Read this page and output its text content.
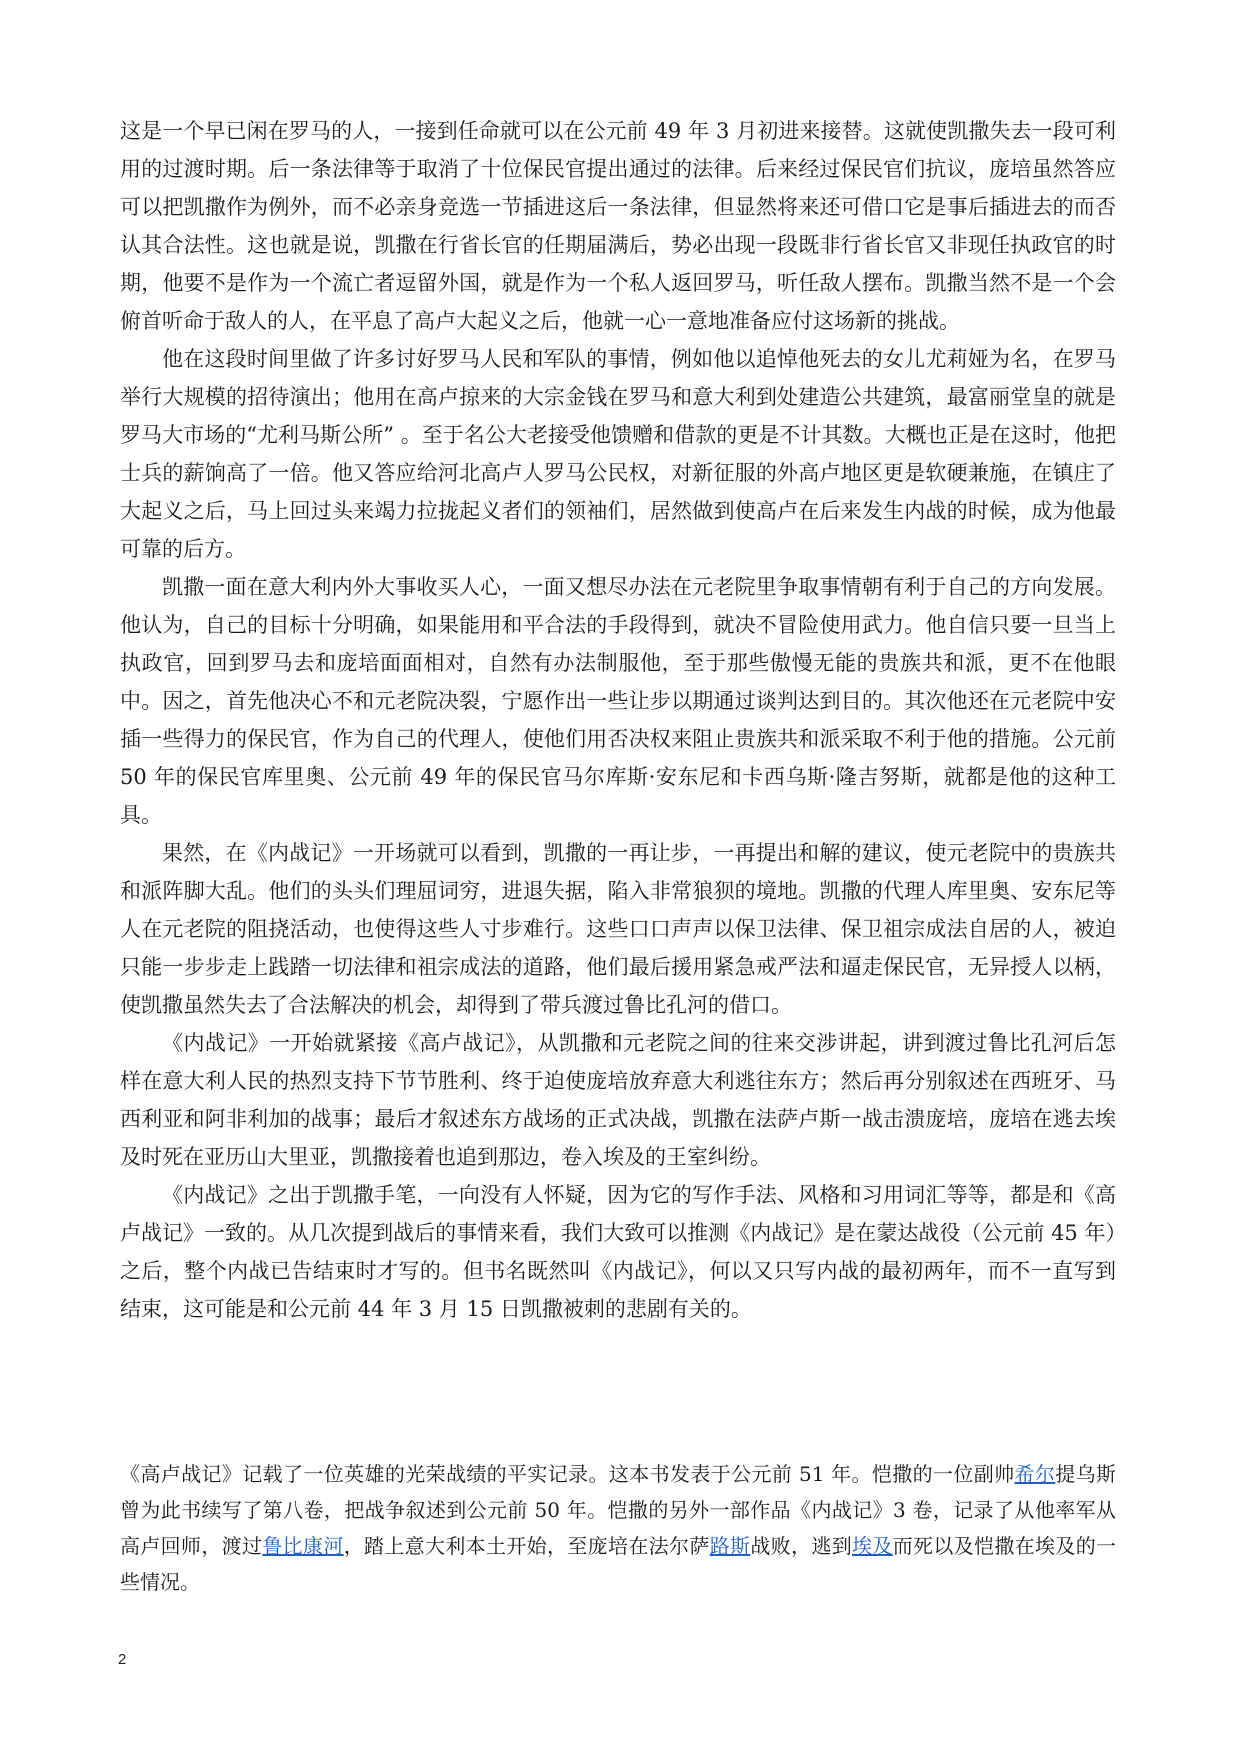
这是一个早已闲在罗马的人，一接到任命就可以在公元前 49 年 3 月初进来接替。这就使凯撒失去一段可利用的过渡时期。后一条法律等于取消了十位保民官提出通过的法律。后来经过保民官们抗议，庞培虽然答应可以把凯撒作为例外，而不必亲身竞选一节插进这后一条法律，但显然将来还可借口它是事后插进去的而否认其合法性。这也就是说，凯撒在行省长官的任期届满后，势必出现一段既非行省长官又非现任执政官的时期，他要不是作为一个流亡者逗留外国，就是作为一个私人返回罗马，听任敌人摆布。凯撒当然不是一个会俯首听命于敌人的人，在平息了高卢大起义之后，他就一心一意地准备应付这场新的挑战。

他在这段时间里做了许多讨好罗马人民和军队的事情，例如他以追悼他死去的女儿尤莉娅为名，在罗马举行大规模的招待演出；他用在高卢掠来的大宗金钱在罗马和意大利到处建造公共建筑，最富丽堂皇的就是罗马大市场的“尤利马斯公所” 。至于名公大老接受他馈赠和借款的更是不计其数。大概也正是在这时，他把士兵的薪饷高了一倍。他又答应给河北高卢人罗马公民权，对新征服的外高卢地区更是软硬兼施，在镇庄了大起义之后，马上回过头来竭力拉拢起义者们的领袖们，居然做到使高卢在后来发生内战的时候，成为他最可靠的后方。

凯撒一面在意大利内外大事收买人心，一面又想尽办法在元老院里争取事情朝有利于自己的方向发展。他认为，自己的目标十分明确，如果能用和平合法的手段得到，就决不冒险使用武力。他自信只要一旦当上执政官，回到罗马去和庞培面面相对，自然有办法制服他，至于那些傲慢无能的贵族共和派，更不在他眼中。因之，首先他决心不和元老院决裂，宁愿作出一些让步以期通过谈判达到目的。其次他还在元老院中安插一些得力的保民官，作为自己的代理人，使他们用否决权来阻止贵族共和派采取不利于他的措施。公元前 50 年的保民官库里奥、公元前 49 年的保民官马尔库斯·安东尼和卡西乌斯·隆吉努斯，就都是他的这种工具。

果然，在《内战记》一开场就可以看到，凯撒的一再让步，一再提出和解的建议，使元老院中的贵族共和派阵脚大乱。他们的头头们理屈词穷，进退失据，陷入非常狼狈的境地。凯撒的代理人库里奥、安东尼等人在元老院的阻挠活动，也使得这些人寸步难行。这些口口声声以保卫法律、保卫祖宗成法自居的人，被迫只能一步步走上践踏一切法律和祖宗成法的道路，他们最后援用紧急戒严法和逼走保民官，无异授人以柄，使凯撒虽然失去了合法解决的机会，却得到了带兵渡过鲁比孔河的借口。

《内战记》一开始就紧接《高卢战记》，从凯撒和元老院之间的往来交涉讲起，讲到渡过鲁比孔河后怎样在意大利人民的热烈支持下节节胜利、终于迫使庞培放弃意大利逃往东方；然后再分别叙述在西班牙、马西利亚和阿非利加的战事；最后才叙述东方战场的正式决战，凯撒在法萨卢斯一战击溃庞培，庞培在逃去埃及时死在亚历山大里亚，凯撒接着也追到那边，卷入埃及的王室纠纷。

《内战记》之出于凯撒手笔，一向没有人怀疑，因为它的写作手法、风格和习用词汇等等，都是和《高卢战记》一致的。从几次提到战后的事情来看，我们大致可以推测《内战记》是在蒙达战役（公元前 45 年）之后，整个内战已告结束时才写的。但书名既然叫《内战记》，何以又只写内战的最初两年，而不一直写到结束，这可能是和公元前 44 年 3 月 15 日凯撒被刺的悲剧有关的。

《高卢战记》记载了一位英雄的光荣战绩的平实记录。这本书发表于公元前 51 年。恺撒的一位副帅希尔提乌斯曾为此书续写了第八卷，把战争叙述到公元前 50 年。恺撒的另外一部作品《内战记》3 卷，记录了从他率军从高卢回师，渡过鲁比康河，踏上意大利本土开始，至庞培在法尔萨路斯战败，逃到埃及而死以及恺撒在埃及的一些情况。

2
